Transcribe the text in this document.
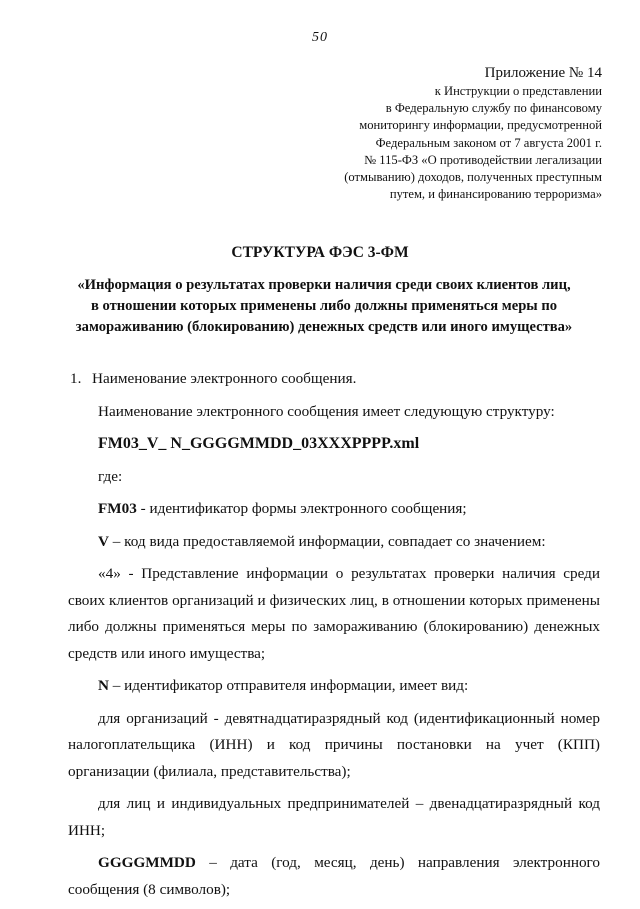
50
Приложение № 14
к Инструкции о представлении
в Федеральную службу по финансовому
мониторингу информации, предусмотренной
Федеральным законом от 7 августа 2001 г.
№ 115-ФЗ «О противодействии легализации
(отмыванию) доходов, полученных преступным
путем, и финансированию терроризма»
СТРУКТУРА ФЭС 3-ФМ
«Информация о результатах проверки наличия среди своих клиентов лиц,
в отношении которых применены либо должны применяться меры по
замораживанию (блокированию) денежных средств или иного имущества»

1. Наименование электронного сообщения.

Наименование электронного сообщения имеет следующую структуру:

FM03_V_ N_GGGGMMDD_03XXXPPPP.xml

где:

FM03 - идентификатор формы электронного сообщения;

V – код вида предоставляемой информации, совпадает со значением:

«4» - Представление информации о результатах проверки наличия среди своих клиентов организаций и физических лиц, в отношении которых применены либо должны применяться меры по замораживанию (блокированию) денежных средств или иного имущества;

N – идентификатор отправителя информации, имеет вид:

для организаций - девятнадцатиразрядный код (идентификационный номер налогоплательщика (ИНН) и код причины постановки на учет (КПП) организации (филиала, представительства);

для лиц и индивидуальных предпринимателей – двенадцатиразрядный код ИНН;

GGGGMMDD – дата (год, месяц, день) направления электронного сообщения (8 символов);
